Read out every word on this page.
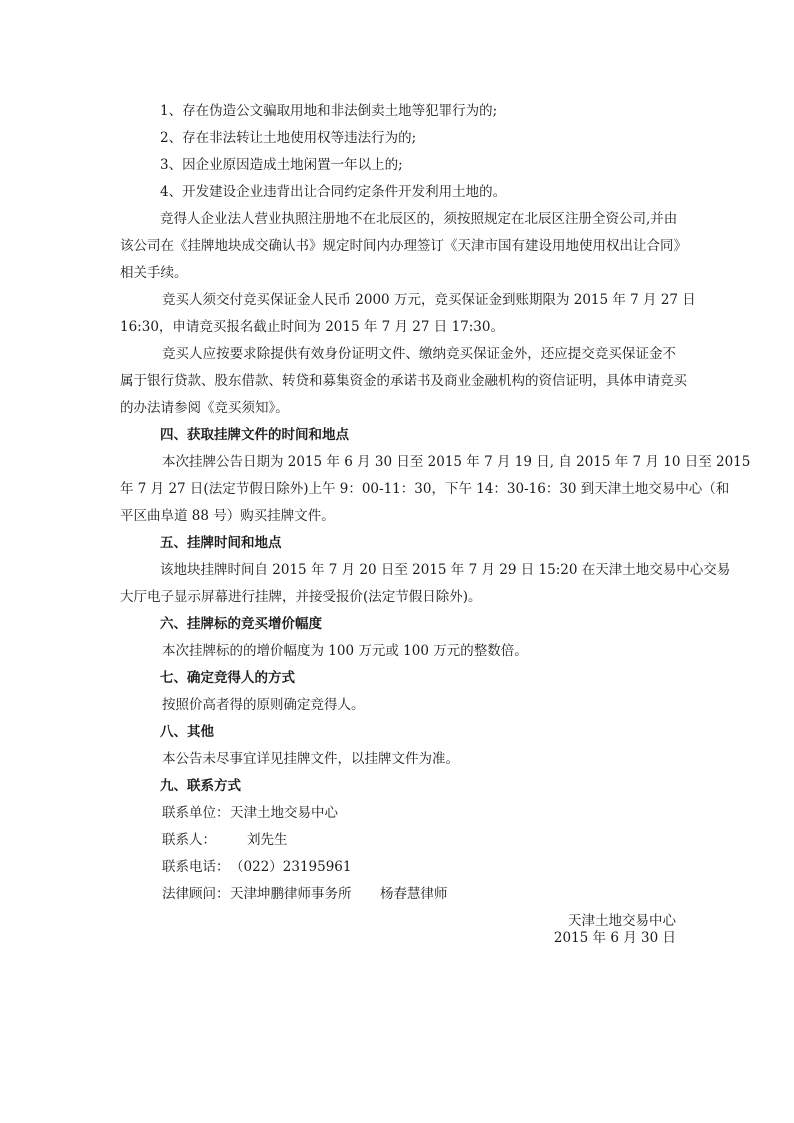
1、存在伪造公文骗取用地和非法倒卖土地等犯罪行为的;
2、存在非法转让土地使用权等违法行为的;
3、因企业原因造成土地闲置一年以上的;
4、开发建设企业违背出让合同约定条件开发利用土地的。
竞得人企业法人营业执照注册地不在北辰区的，须按照规定在北辰区注册全资公司,并由
该公司在《挂牌地块成交确认书》规定时间内办理签订《天津市国有建设用地使用权出让合同》
相关手续。
竞买人须交付竞买保证金人民币 2000 万元，竞买保证金到账期限为 2015 年 7 月 27 日
16:30，申请竞买报名截止时间为 2015 年 7 月 27 日 17:30。
竞买人应按要求除提供有效身份证明文件、缴纳竞买保证金外，还应提交竞买保证金不
属于银行贷款、股东借款、转贷和募集资金的承诺书及商业金融机构的资信证明，具体申请竞买
的办法请参阅《竞买须知》。
四、获取挂牌文件的时间和地点
本次挂牌公告日期为 2015 年 6 月 30 日至 2015 年 7 月 19 日, 自 2015 年 7 月 10 日至 2015
年 7 月 27 日(法定节假日除外)上午 9：00-11：30，下午 14：30-16：30 到天津土地交易中心（和
平区曲阜道 88 号）购买挂牌文件。
五、挂牌时间和地点
该地块挂牌时间自 2015 年 7 月 20 日至 2015 年 7 月 29 日 15:20 在天津土地交易中心交易
大厅电子显示屏幕进行挂牌，并接受报价(法定节假日除外)。
六、挂牌标的竞买增价幅度
本次挂牌标的的增价幅度为 100 万元或 100 万元的整数倍。
七、确定竞得人的方式
按照价高者得的原则确定竞得人。
八、其他
本公告未尽事宜详见挂牌文件，以挂牌文件为准。
九、联系方式
联系单位： 天津土地交易中心
联系人： 刘先生
联系电话： （022）23195961
法律顾问： 天津坤鹏律师事务所 杨春慧律师
天津土地交易中心
2015 年 6 月 30 日
